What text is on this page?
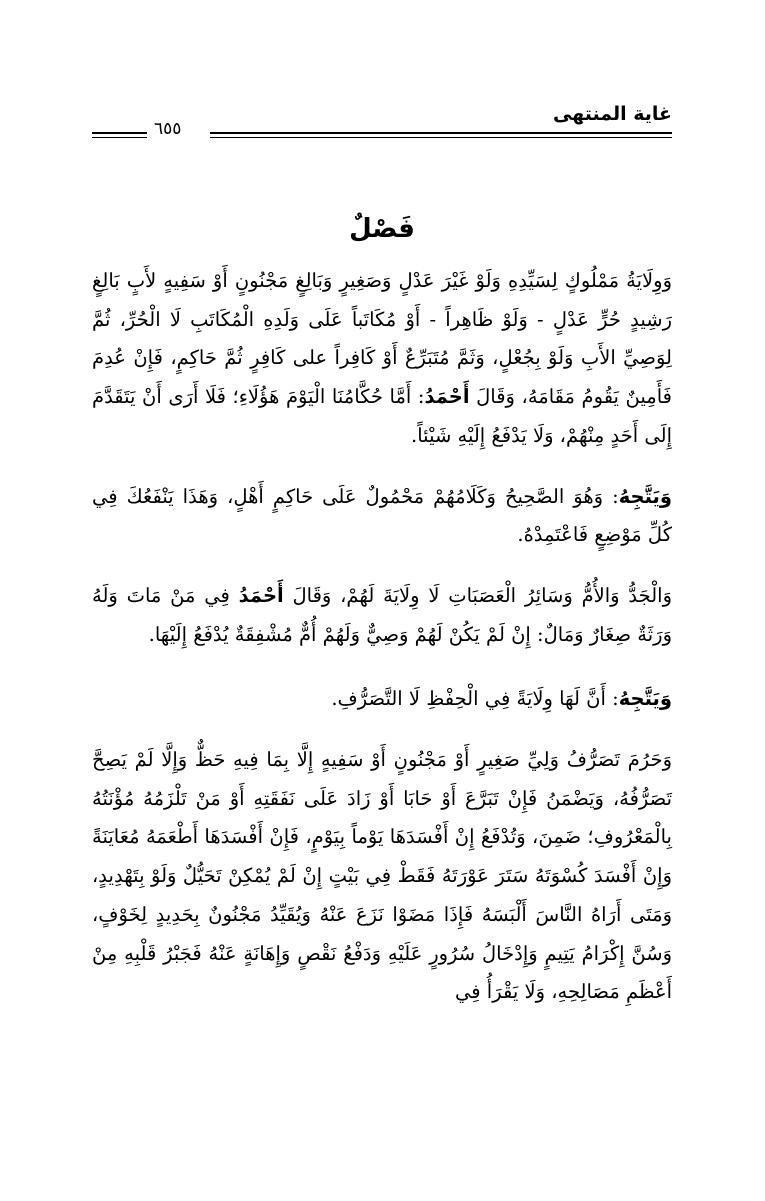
غاية المنتهى
٦٥٥
فَصْلٌ

وَوِلَايَةُ مَمْلُوكٍ لِسَيِّدِهِ وَلَوْ غَيْرَ عَدْلٍ وَصَغِيرٍ وَبَالِغٍ مَجْنُونٍ أَوْ سَفِيهٍ لأَبٍ بَالِغٍ رَشِيدٍ حُرٍّ عَدْلٍ - وَلَوْ ظَاهِراً - أَوْ مُكَاتَباً عَلَى وَلَدِهِ الْمُكَاتَبِ لَا الْحُرِّ، ثُمَّ لِوَصِيِّ الأَبِ وَلَوْ بِجُعْلٍ، وَثَمَّ مُتَبَرِّعٌ أَوْ كَافِراً على كَافِرٍ ثُمَّ حَاكِمٍ، فَإِنْ عُدِمَ فَأَمِينٌ يَقُومُ مَقَامَهُ، وَقَالَ أَحْمَدُ: أَمَّا حُكَّامُنَا الْيَوْمَ هَؤُلَاءِ؛ فَلَا أَرَى أَنْ يَتَقَدَّمَ إِلَى أَحَدٍ مِنْهُمْ، وَلَا يَدْفَعُ إِلَيْهِ شَيْئاً.

وَيَتَّجِهُ: وَهُوَ الصَّحِيحُ وَكَلَامُهُمْ مَحْمُولٌ عَلَى حَاكِمٍ أَهْلٍ، وَهَذَا يَنْفَعُكَ فِي كُلِّ مَوْضِعٍ فَاعْتَمِدْهُ.

وَالْجَدُّ وَالأُمُّ وَسَائِرُ الْعَصَبَاتِ لَا وِلَايَةَ لَهُمْ، وَقَالَ أَحْمَدُ فِي مَنْ مَاتَ وَلَهُ وَرَثَةٌ صِغَارٌ وَمَالٌ: إِنْ لَمْ يَكُنْ لَهُمْ وَصِيٌّ وَلَهُمْ أُمٌّ مُشْفِقَةٌ يُدْفَعُ إِلَيْهَا.

وَيَتَّجِهُ: أَنَّ لَهَا وِلَايَةً فِي الْحِفْظِ لَا التَّصَرُّفِ.

وَحَرُمَ تَصَرُّفُ وَلِيِّ صَغِيرٍ أَوْ مَجْنُونٍ أَوْ سَفِيهٍ إِلَّا بِمَا فِيهِ حَظٌّ وَإِلَّا لَمْ يَصِحَّ تَصَرُّفُهُ، وَيَضْمَنُ فَإِنْ تَبَرَّعَ أَوْ حَابَا أَوْ زَادَ عَلَى نَفَقَتِهِ أَوْ مَنْ تَلْزَمُهُ مُؤْنَتُهُ بِالْمَعْرُوفِ؛ ضَمِنَ، وَتُدْفَعُ إِنْ أَفْسَدَهَا يَوْماً بِيَوْمٍ، فَإِنْ أَفْسَدَهَا أَطْعَمَهُ مُعَايَنَةً وَإِنْ أَفْسَدَ كُسْوَتَهُ سَتَرَ عَوْرَتَهُ فَقَطْ فِي بَيْتٍ إِنْ لَمْ يُمْكِنْ تَحَيُّلٌ وَلَوْ بِتَهْدِيدٍ، وَمَتَى أَرَاهُ النَّاسَ أَلْبَسَهُ فَإِذَا مَضَوْا نَزَعَ عَنْهُ وَيُقَيِّدُ مَجْنُونٌ بِحَدِيدٍ لِخَوْفٍ، وَسُنَّ إِكْرَامُ يَتِيمٍ وَإِدْخَالُ سُرُورٍ عَلَيْهِ وَدَفْعُ نَقْصٍ وَإِهَانَةٍ عَنْهُ فَجَبْرُ قَلْبِهِ مِنْ أَعْظَمِ مَصَالِحِهِ، وَلَا يَقْرَأُ فِي
